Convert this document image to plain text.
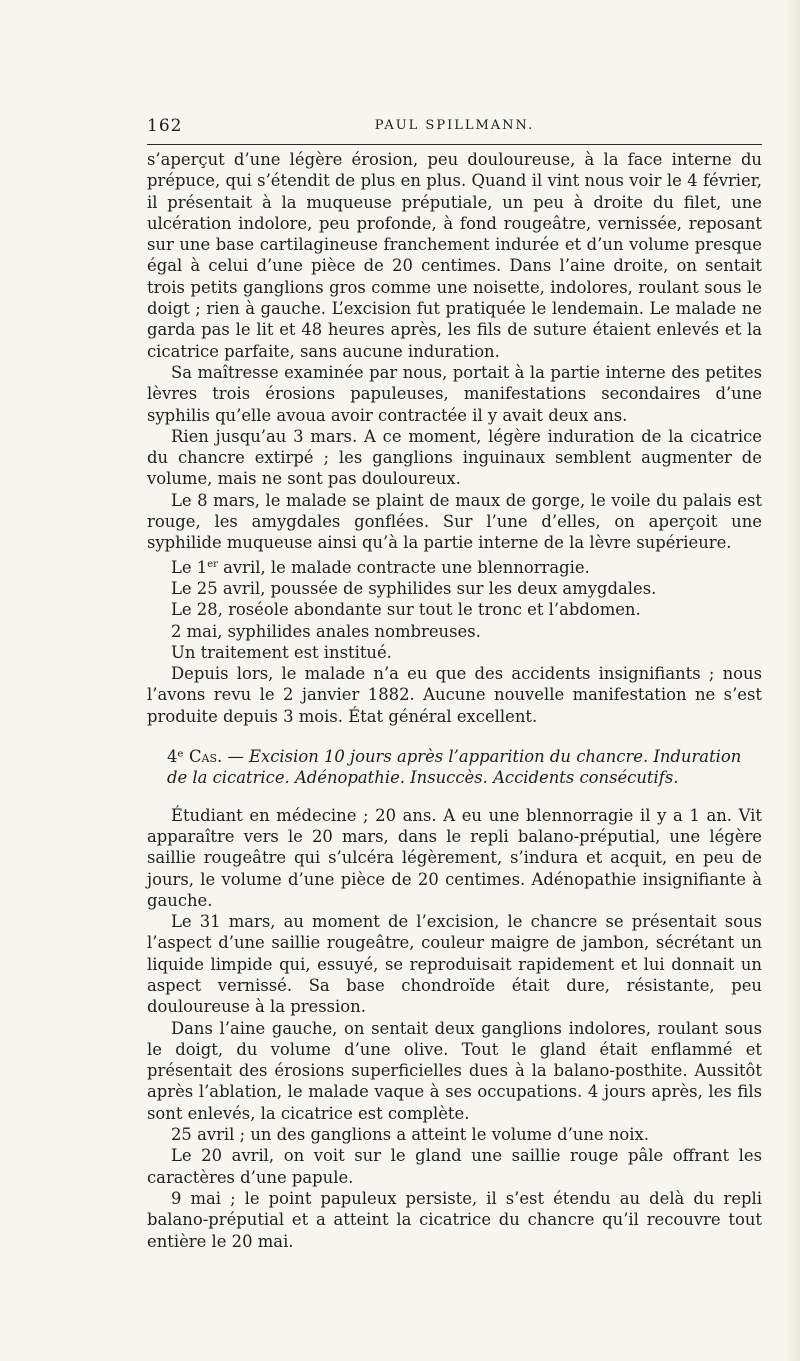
162	PAUL SPILLMANN.

s’aperçut d’une légère érosion, peu douloureuse, à la face interne du prépuce, qui s’étendit de plus en plus. Quand il vint nous voir le 4 février, il présentait à la muqueuse préputiale, un peu à droite du filet, une ulcération indolore, peu profonde, à fond rougeâtre, vernissée, reposant sur une base cartilagineuse franchement indurée et d’un volume presque égal à celui d’une pièce de 20 centimes. Dans l’aine droite, on sentait trois petits ganglions gros comme une noisette, indolores, roulant sous le doigt ; rien à gauche. L’excision fut pratiquée le lendemain. Le malade ne garda pas le lit et 48 heures après, les fils de suture étaient enlevés et la cicatrice parfaite, sans aucune induration.

Sa maîtresse examinée par nous, portait à la partie interne des petites lèvres trois érosions papuleuses, manifestations secondaires d’une syphilis qu’elle avoua avoir contractée il y avait deux ans.

Rien jusqu’au 3 mars. A ce moment, légère induration de la cicatrice du chancre extirpé ; les ganglions inguinaux semblent augmenter de volume, mais ne sont pas douloureux.

Le 8 mars, le malade se plaint de maux de gorge, le voile du palais est rouge, les amygdales gonflées. Sur l’une d’elles, on aperçoit une syphilide muqueuse ainsi qu’à la partie interne de la lèvre supérieure.

Le 1er avril, le malade contracte une blennorragie.

Le 25 avril, poussée de syphilides sur les deux amygdales.

Le 28, roséole abondante sur tout le tronc et l’abdomen.

2 mai, syphilides anales nombreuses.

Un traitement est institué.

Depuis lors, le malade n’a eu que des accidents insignifiants ; nous l’avons revu le 2 janvier 1882. Aucune nouvelle manifestation ne s’est produite depuis 3 mois. État général excellent.

4ᵉ Cas. — Excision 10 jours après l’apparition du chancre. Induration de la cicatrice. Adénopathie. Insuccès. Accidents consécutifs.

Étudiant en médecine ; 20 ans. A eu une blennorragie il y a 1 an. Vit apparaître vers le 20 mars, dans le repli balano-préputial, une légère saillie rougeâtre qui s’ulcéra légèrement, s’indura et acquit, en peu de jours, le volume d’une pièce de 20 centimes. Adénopathie insignifiante à gauche.

Le 31 mars, au moment de l’excision, le chancre se présentait sous l’aspect d’une saillie rougeâtre, couleur maigre de jambon, sécrétant un liquide limpide qui, essuyé, se reproduisait rapidement et lui donnait un aspect vernissé. Sa base chondroïde était dure, résistante, peu douloureuse à la pression.

Dans l’aine gauche, on sentait deux ganglions indolores, roulant sous le doigt, du volume d’une olive. Tout le gland était enflammé et présentait des érosions superficielles dues à la balano-posthite. Aussitôt après l’ablation, le malade vaque à ses occupations. 4 jours après, les fils sont enlevés, la cicatrice est complète.

25 avril ; un des ganglions a atteint le volume d’une noix.

Le 20 avril, on voit sur le gland une saillie rouge pâle offrant les caractères d’une papule.

9 mai ; le point papuleux persiste, il s’est étendu au delà du repli balano-préputial et a atteint la cicatrice du chancre qu’il recouvre tout entière le 20 mai.
